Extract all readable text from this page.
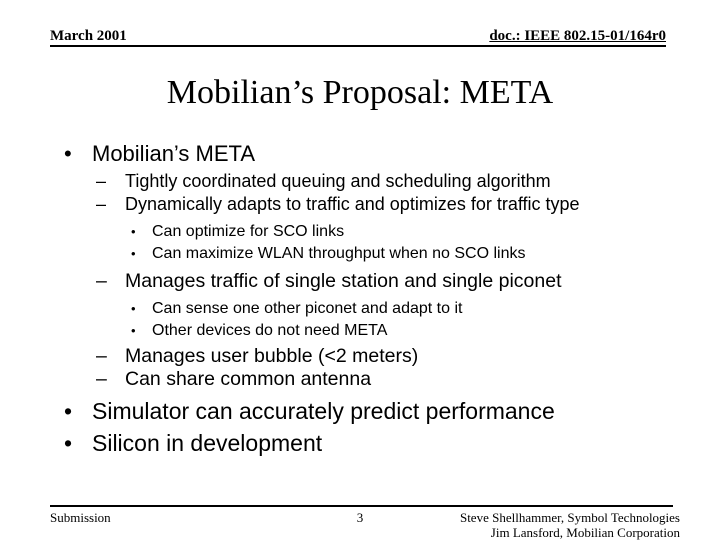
March 2001	doc.: IEEE 802.15-01/164r0
Mobilian’s Proposal: META
• Mobilian’s META
–	Tightly coordinated queuing and scheduling algorithm
–	Dynamically adapts to traffic and optimizes for traffic type
•	Can optimize for SCO links
•	Can maximize WLAN throughput when no SCO links
– Manages traffic of single station and single piconet
•	Can sense one other piconet and adapt to it
•	Other devices do not need META
– Manages user bubble (<2 meters)
– Can share common antenna
• Simulator can accurately predict performance
• Silicon in development
Submission	3	Steve Shellhammer, Symbol Technologies
Jim Lansford, Mobilian Corporation
